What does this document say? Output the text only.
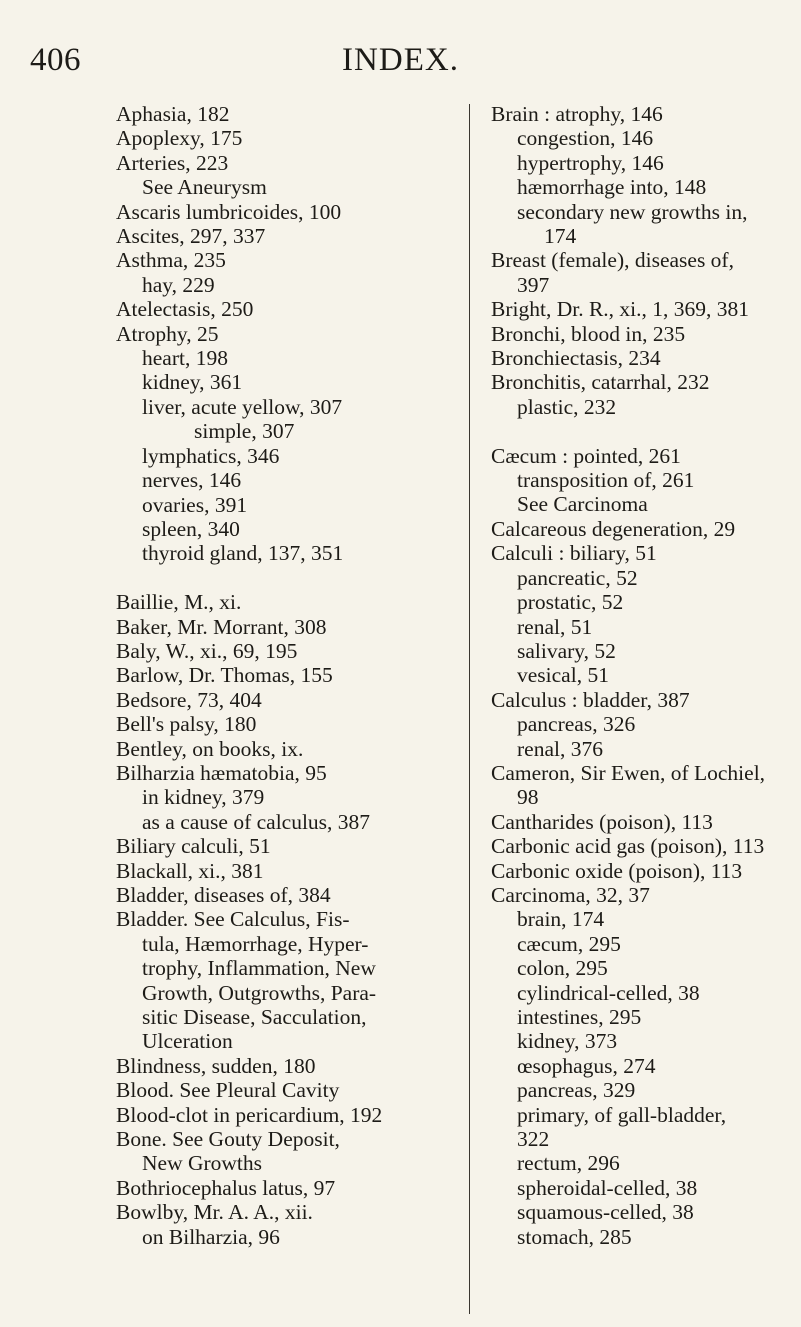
406	INDEX.
Aphasia, 182
Apoplexy, 175
Arteries, 223
See Aneurysm
Ascaris lumbricoides, 100
Ascites, 297, 337
Asthma, 235
hay, 229
Atelectasis, 250
Atrophy, 25
heart, 198
kidney, 361
liver, acute yellow, 307
simple, 307
lymphatics, 346
nerves, 146
ovaries, 391
spleen, 340
thyroid gland, 137, 351
Baillie, M., xi.
Baker, Mr. Morrant, 308
Baly, W., xi., 69, 195
Barlow, Dr. Thomas, 155
Bedsore, 73, 404
Bell's palsy, 180
Bentley, on books, ix.
Bilharzia hæmatobia, 95
in kidney, 379
as a cause of calculus, 387
Biliary calculi, 51
Blackall, xi., 381
Bladder, diseases of, 384
Bladder. See Calculus, Fis-
tula, Hæmorrhage, Hyper-
trophy, Inflammation, New
Growth, Outgrowths, Para-
sitic Disease, Sacculation,
Ulceration
Blindness, sudden, 180
Blood. See Pleural Cavity
Blood-clot in pericardium, 192
Bone. See Gouty Deposit,
New Growths
Bothriocephalus latus, 97
Bowlby, Mr. A. A., xii.
on Bilharzia, 96
Brain : atrophy, 146
congestion, 146
hypertrophy, 146
hæmorrhage into, 148
secondary new growths in,
174
Breast (female), diseases of,
397
Bright, Dr. R., xi., 1, 369, 381
Bronchi, blood in, 235
Bronchiectasis, 234
Bronchitis, catarrhal, 232
plastic, 232
Cæcum : pointed, 261
transposition of, 261
See Carcinoma
Calcareous degeneration, 29
Calculi : biliary, 51
pancreatic, 52
prostatic, 52
renal, 51
salivary, 52
vesical, 51
Calculus : bladder, 387
pancreas, 326
renal, 376
Cameron, Sir Ewen, of Lochiel,
98
Cantharides (poison), 113
Carbonic acid gas (poison), 113
Carbonic oxide (poison), 113
Carcinoma, 32, 37
brain, 174
cæcum, 295
colon, 295
cylindrical-celled, 38
intestines, 295
kidney, 373
œsophagus, 274
pancreas, 329
primary, of gall-bladder,
322
rectum, 296
spheroidal-celled, 38
squamous-celled, 38
stomach, 285
